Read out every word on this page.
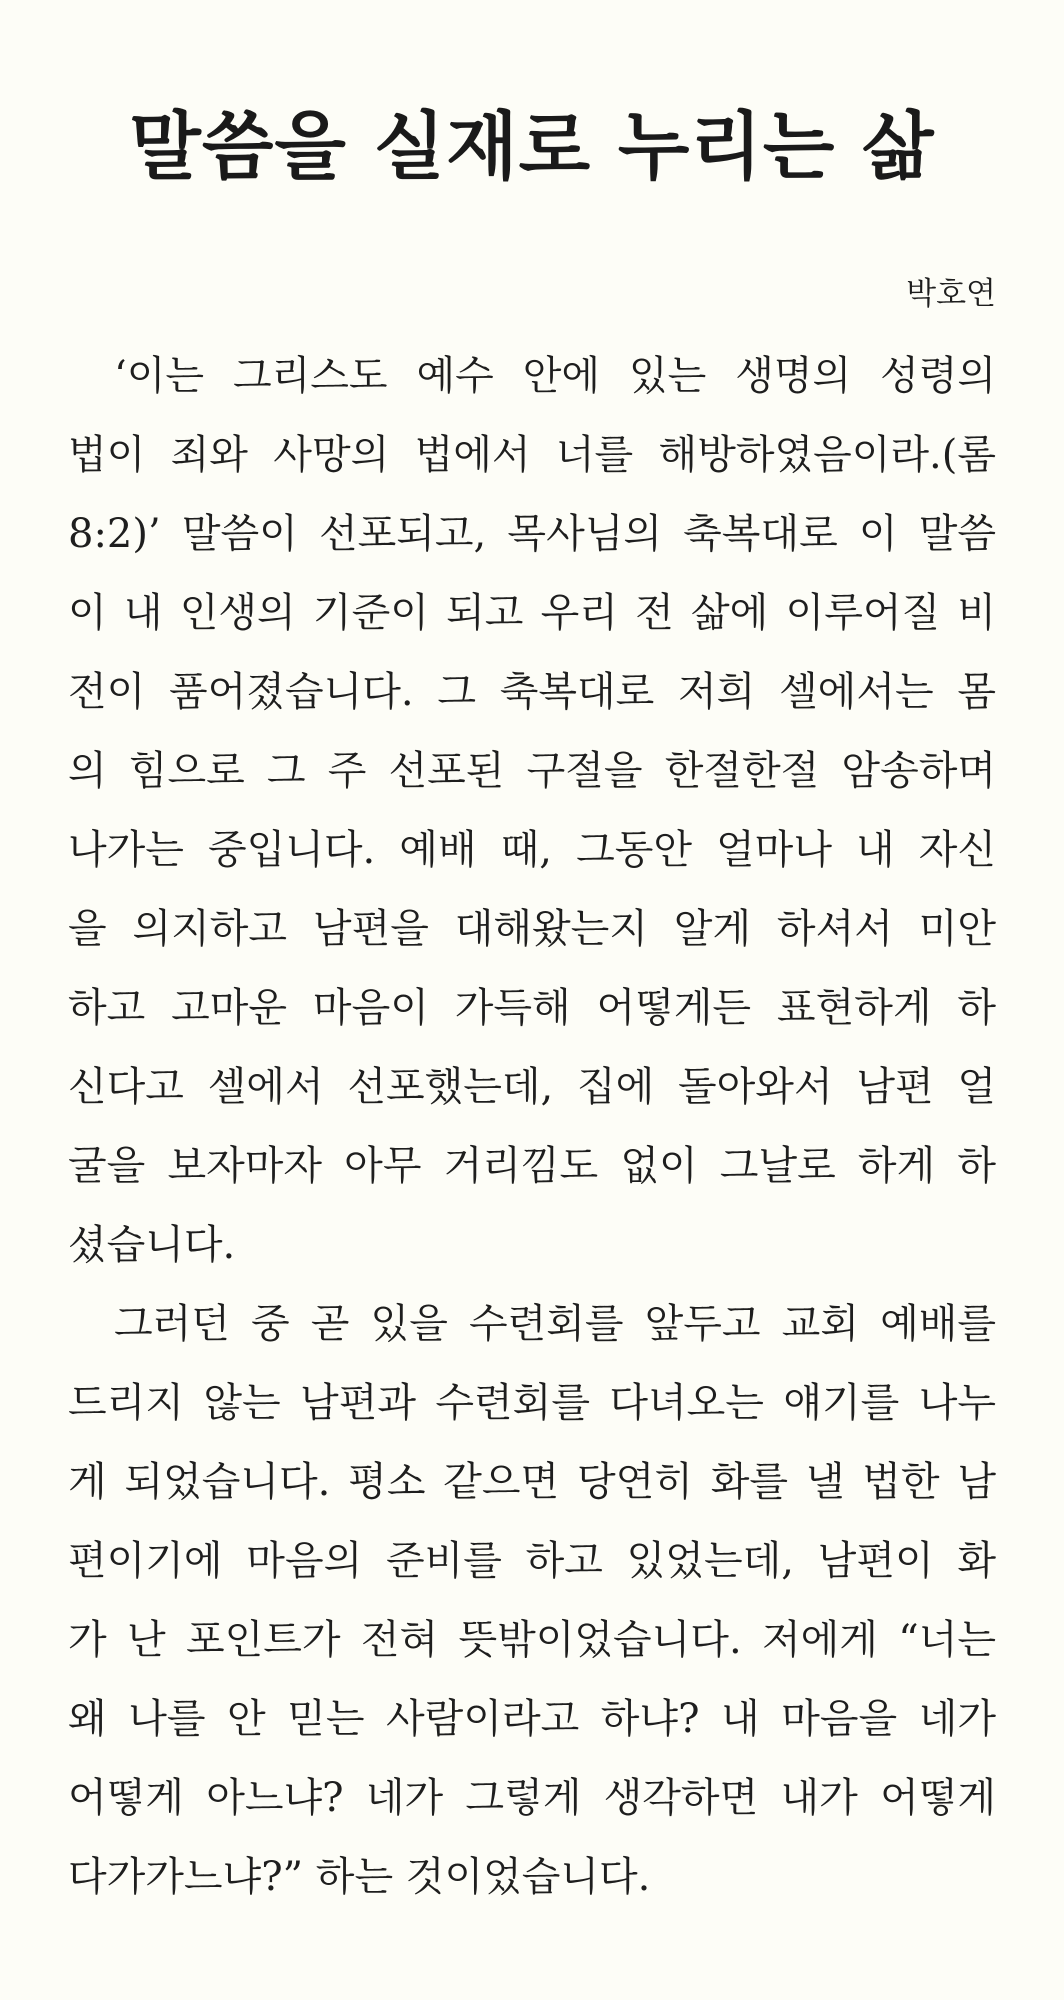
말씀을 실재로 누리는 삶
박호연

‘이는 그리스도 예수 안에 있는 생명의 성령의
법이 죄와 사망의 법에서 너를 해방하였음이라.(롬
8:2)’ 말씀이 선포되고, 목사님의 축복대로 이 말씀
이 내 인생의 기준이 되고 우리 전 삶에 이루어질 비
전이 품어졌습니다. 그 축복대로 저희 셀에서는 몸
의 힘으로 그 주 선포된 구절을 한절한절 암송하며
나가는 중입니다. 예배 때, 그동안 얼마나 내 자신
을 의지하고 남편을 대해왔는지 알게 하셔서 미안
하고 고마운 마음이 가득해 어떻게든 표현하게 하
신다고 셀에서 선포했는데, 집에 돌아와서 남편 얼
굴을 보자마자 아무 거리낌도 없이 그날로 하게 하
셨습니다.

그러던 중 곧 있을 수련회를 앞두고 교회 예배를
드리지 않는 남편과 수련회를 다녀오는 얘기를 나누
게 되었습니다. 평소 같으면 당연히 화를 낼 법한 남
편이기에 마음의 준비를 하고 있었는데, 남편이 화
가 난 포인트가 전혀 뜻밖이었습니다. 저에게 “너는
왜 나를 안 믿는 사람이라고 하냐? 내 마음을 네가
어떻게 아느냐? 네가 그렇게 생각하면 내가 어떻게
다가가느냐?” 하는 것이었습니다.
